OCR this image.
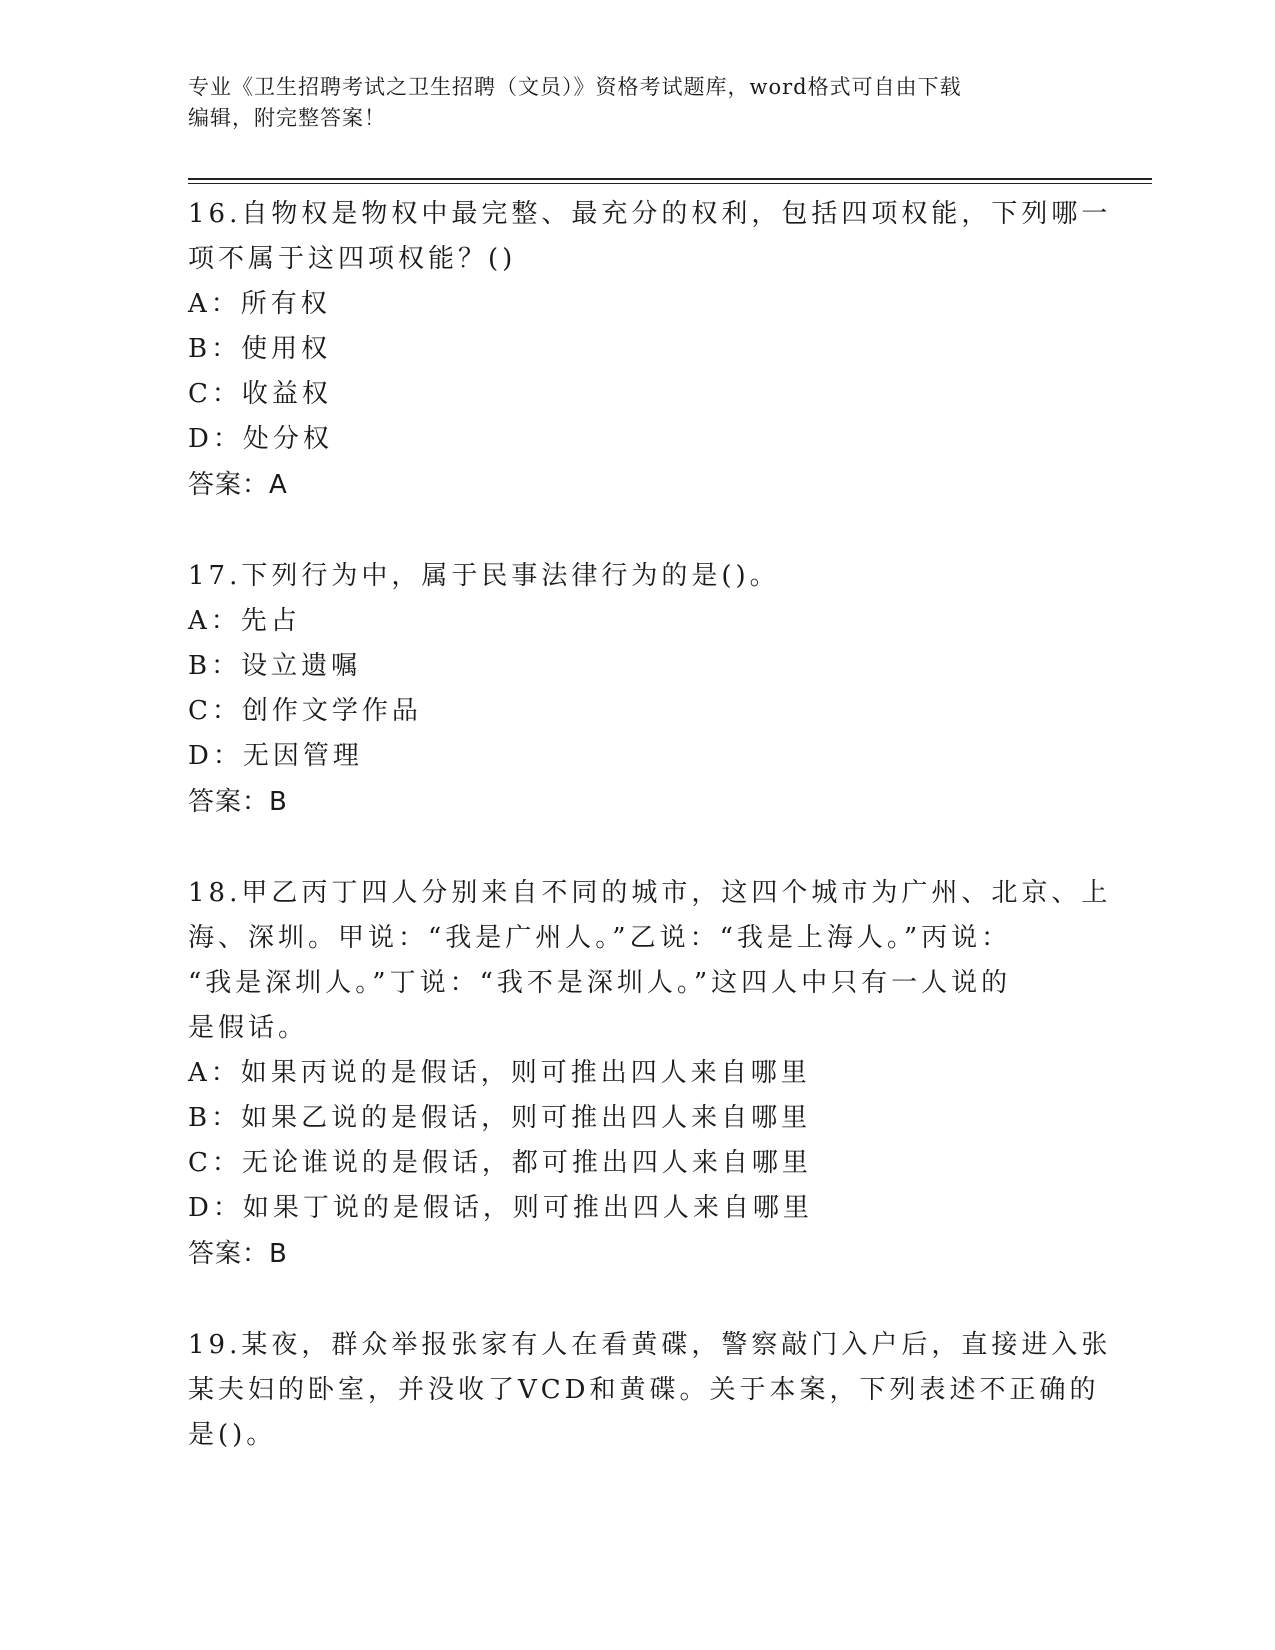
专业《卫生招聘考试之卫生招聘（文员）》资格考试题库，word格式可自由下载
编辑，附完整答案！
16.自物权是物权中最完整、最充分的权利，包括四项权能，下列哪一
项不属于这四项权能？()
A：所有权
B：使用权
C：收益权
D：处分权
答案：A
17.下列行为中，属于民事法律行为的是()。
A：先占
B：设立遗嘱
C：创作文学作品
D：无因管理
答案：B
18.甲乙丙丁四人分别来自不同的城市，这四个城市为广州、北京、上
海、深圳。甲说：“我是广州人。”乙说：“我是上海人。”丙说：
“我是深圳人。”丁说：“我不是深圳人。”这四人中只有一人说的
是假话。
A：如果丙说的是假话，则可推出四人来自哪里
B：如果乙说的是假话，则可推出四人来自哪里
C：无论谁说的是假话，都可推出四人来自哪里
D：如果丁说的是假话，则可推出四人来自哪里
答案：B
19.某夜，群众举报张家有人在看黄碟，警察敲门入户后，直接进入张
某夫妇的卧室，并没收了VCD和黄碟。关于本案，下列表述不正确的
是()。
